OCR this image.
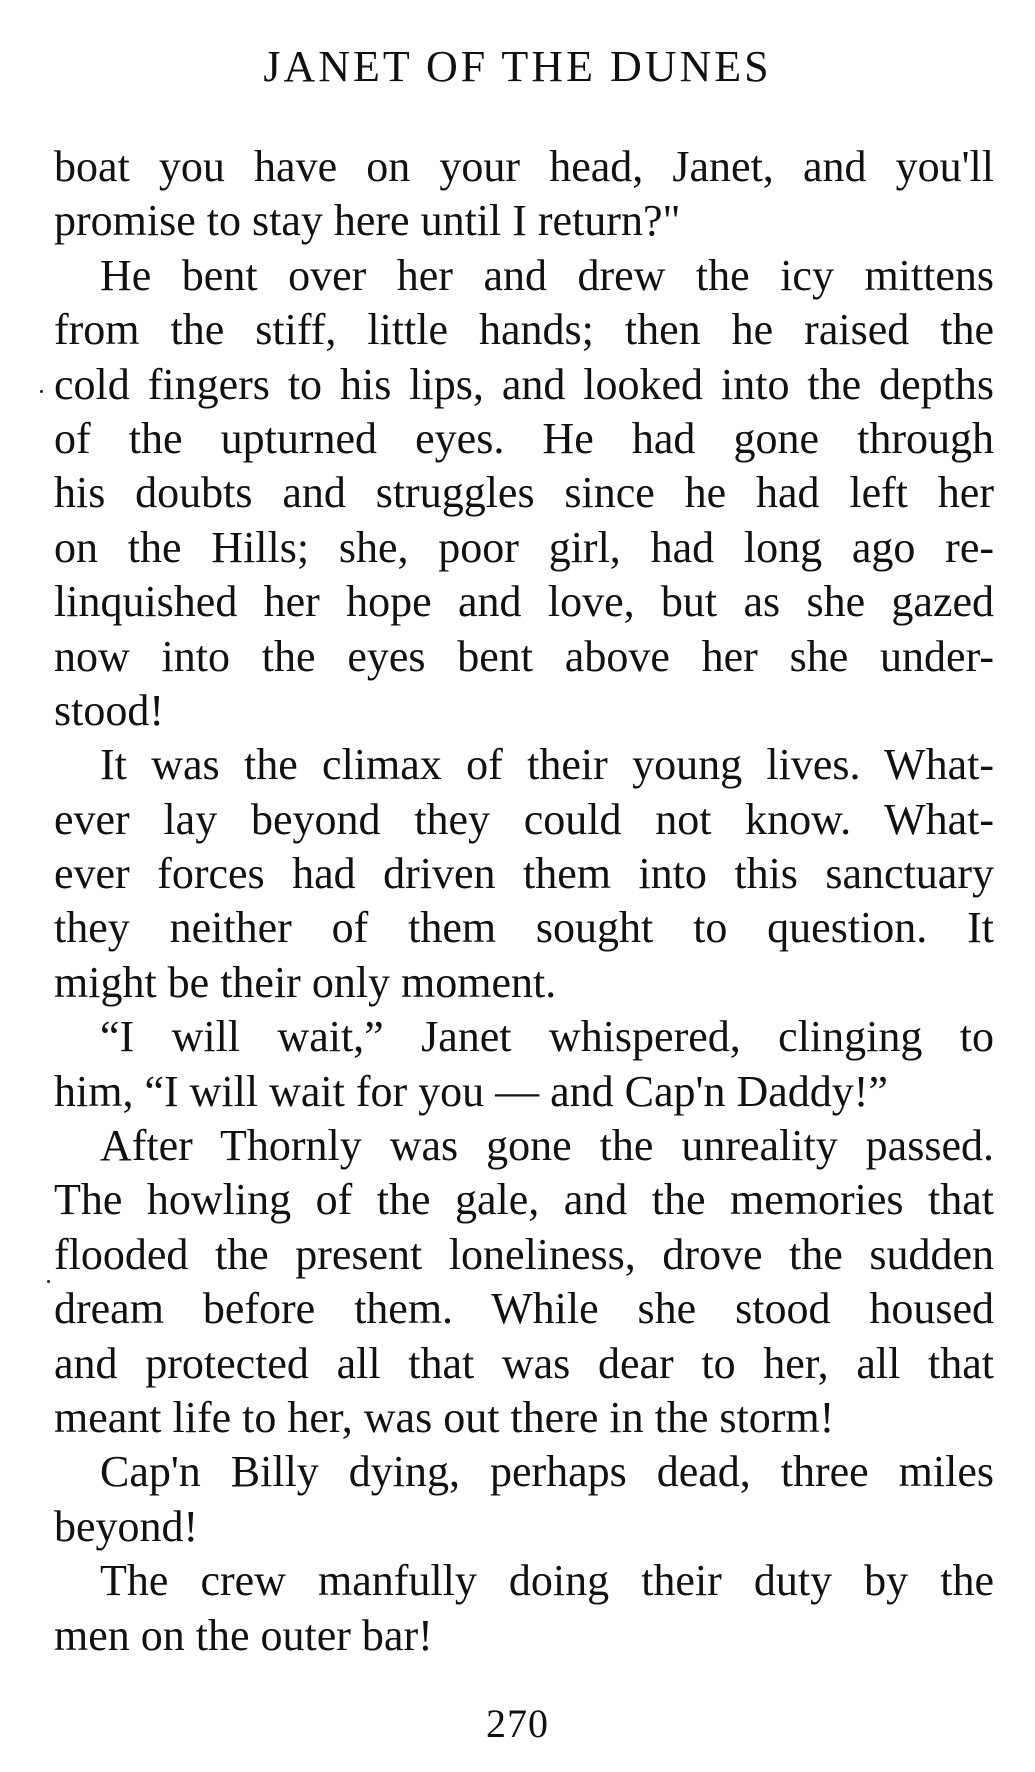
JANET OF THE DUNES
boat you have on your head, Janet, and you'll
promise to stay here until I return?"
He bent over her and drew the icy mittens
from the stiff, little hands; then he raised the
cold fingers to his lips, and looked into the depths
of the upturned eyes. He had gone through
his doubts and struggles since he had left her
on the Hills; she, poor girl, had long ago re-
linquished her hope and love, but as she gazed
now into the eyes bent above her she under-
stood!
It was the climax of their young lives. What-
ever lay beyond they could not know. What-
ever forces had driven them into this sanctuary
they neither of them sought to question. It
might be their only moment.
“I will wait,” Janet whispered, clinging to
him, “I will wait for you — and Cap'n Daddy!”
After Thornly was gone the unreality passed.
The howling of the gale, and the memories that
flooded the present loneliness, drove the sudden
dream before them. While she stood housed
and protected all that was dear to her, all that
meant life to her, was out there in the storm!
Cap'n Billy dying, perhaps dead, three miles
beyond!
The crew manfully doing their duty by the
men on the outer bar!
270
